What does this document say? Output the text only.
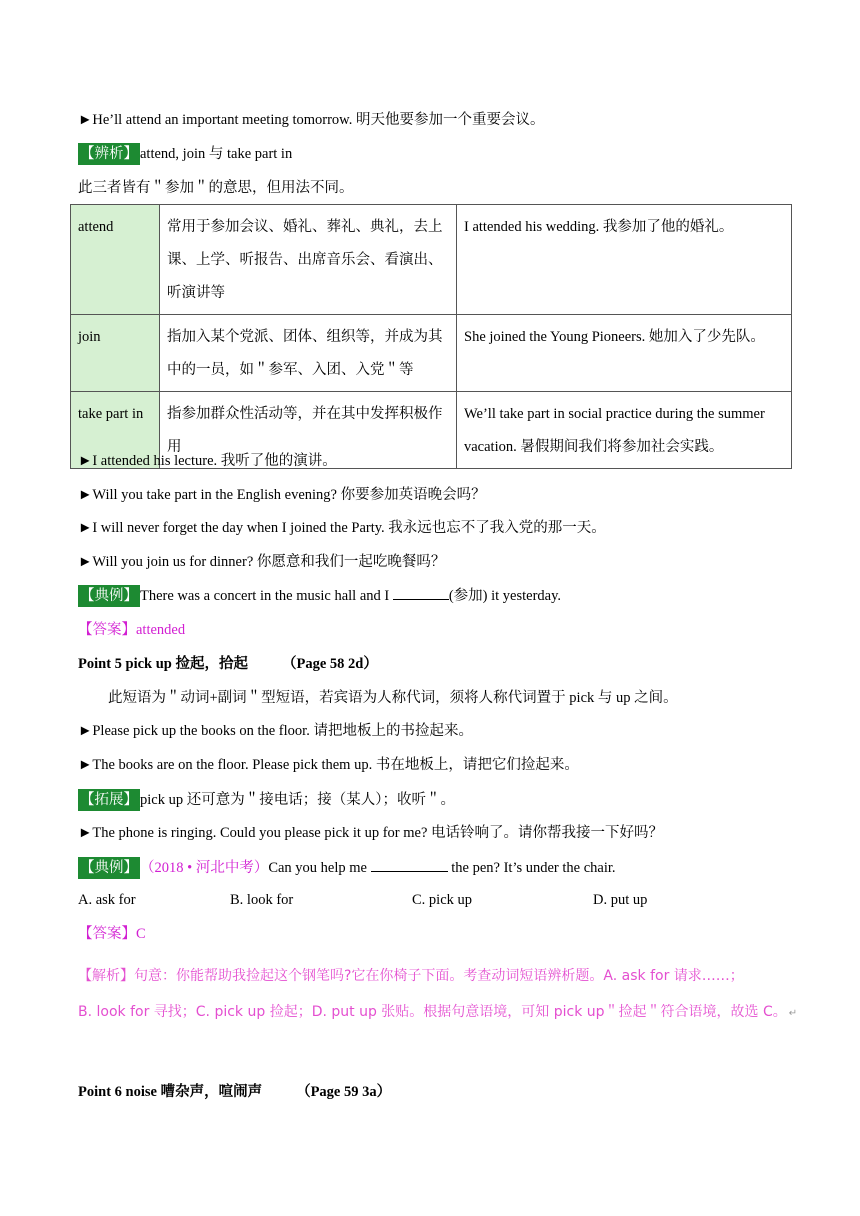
►He’ll attend an important meeting tomorrow. 明天他要参加一个重要会议。
【辨析】 attend, join 与 take part in
此三者皆有＂参加＂的意思，但用法不同。
attend	常用于参加会议、婚礼、葬礼、典礼，去上课、上学、听报告、出席音乐会、看演出、听演讲等	I attended his wedding. 我参加了他的婚礼。
join	指加入某个党派、团体、组织等，并成为其中的一员，如＂参军、入团、入党＂等	She joined the Young Pioneers. 她加入了少先队。
take part in	指参加群众性活动等，并在其中发挥积极作用	We’ll take part in social practice during the summer vacation. 暑假期间我们将参加社会实践。
►I attended his lecture. 我听了他的演讲。
►Will you take part in the English evening? 你要参加英语晚会吗？
►I will never forget the day when I joined the Party. 我永远也忘不了我入党的那一天。
►Will you join us for dinner? 你愿意和我们一起吃晚餐吗？
【典例】 There was a concert in the music hall and I	(参加) it yesterday.
【答案】attended
Point 5 pick up 捡起，拾起 （Page 58 2d）
此短语为＂动词+副词＂型短语，若宾语为人称代词，须将人称代词置于 pick 与 up 之间。
►Please pick up the books on the floor. 请把地板上的书捡起来。
►The books are on the floor. Please pick them up. 书在地板上，请把它们捡起来。
【拓展】 pick up 还可意为＂接电话；接（某人）；收听＂。
►The phone is ringing. Could you please pick it up for me? 电话铃响了。请你帮我接一下好吗？
【典例】 （2018 • 河北中考）Can you help me	the pen? It’s under the chair.
A. ask for	B. look for	C. pick up	D. put up
【答案】C
【解析】句意：你能帮助我捡起这个钢笔吗?它在你椅子下面。考查动词短语辨析题。A. ask for 请求……；
B. look for 寻找；C. pick up 捡起；D. put up 张贴。根据句意语境，可知 pick up＂捡起＂符合语境，故选 C。 ↵
Point 6 noise 嘈杂声，喧闹声 （Page 59 3a）
